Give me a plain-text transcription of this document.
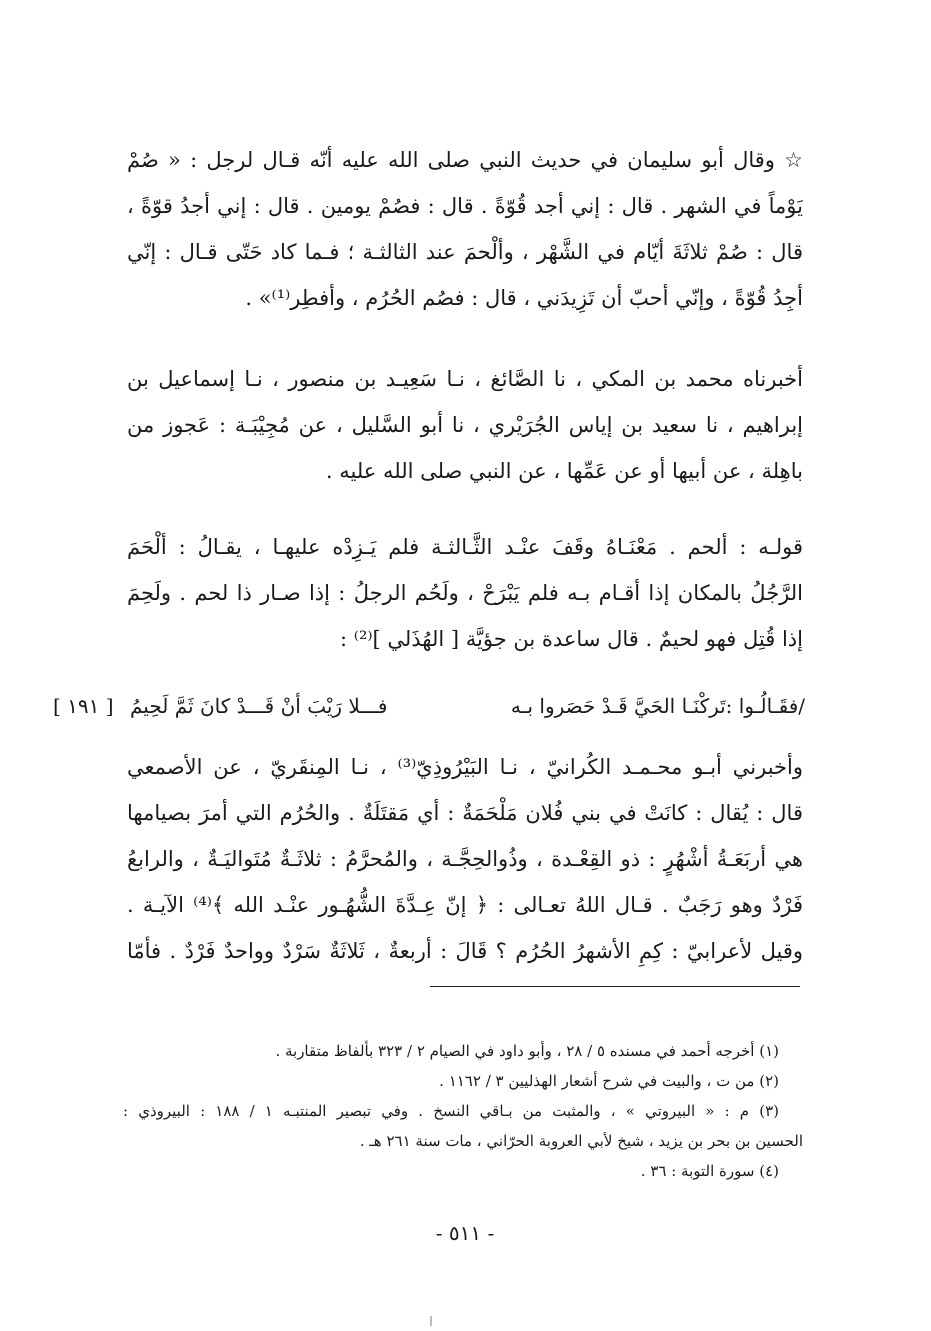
☆ وقال أبو سليمان في حديث النبي صلى الله عليه أنّه قـال لرجل : « صُمْ
يَوْماً في الشهر . قال : إني أجد قُوّةً . قال : فصُمْ يومين . قال : إني أجدُ قوّةً ،
قال : صُمْ ثلاثَةَ أيّام في الشَّهْر ، وألْحمَ عند الثالثـة ؛ فـما كاد حَتّى قـال : إنّي
أجِدُ قُوّةً ، وإنّي أحبّ أن تَزِيدَني ، قال : فصُم الحُرُم ، وأفطِر⁽¹⁾» .
أخبرناه محمد بن المكي ، نا الصَّائغ ، نـا سَعِيـد بن منصور ، نـا إسماعيل بن
إبراهيم ، نا سعيد بن إياس الجُرَيْري ، نا أبو السَّليل ، عن مُجِيْبَـة : عَجوز من
باهِلة ، عن أبيها أو عن عَمِّها ، عن النبي صلى الله عليه .
قولـه : ألحم . مَعْنَـاهُ وقَفَ عنْـد الثَّـالثـة فلم يَـزِدْه عليهـا ، يقـالُ : ألْحَمَ
الرَّجُلُ بالمكان إذا أقـام بـه فلم يَبْرَحْ ، ولَحُم الرجلُ : إذا صـار ذا لحم . ولَحِمَ
إذا قُتِل فهو لحيمٌ . قال ساعدة بن جؤيَّة [ الهُذَلي ]⁽²⁾ :
/فقَـالُـوا :تَركْنَـا الحَيَّ قَـدْ حَصَروا بـه
فـــلا رَيْبَ أنْ قَـــدْ كانَ ثَمَّ لَحِيمُ
[ ١٩١ ]
وأخبرني أبـو محـمـد الكُرانيّ ، نـا البَيْرُوذِيّ⁽³⁾ ، نـا المِنقَريّ ، عن الأصمعي
قال : يُقال : كانَتْ في بني فُلان مَلْحَمَةٌ : أي مَقتَلَةٌ . والحُرُم التي أمرَ بصيامها
هي أربَعَـةُ أشْهُرٍ : ذو القِعْـدة ، وذُوالحِجَّـة ، والمُحرَّمُ : ثلاثَـةٌ مُتَواليَـةٌ ، والرابعُ
فَرْدٌ وهو رَجَبٌ . قـال اللهُ تعـالى : ﴿ إنّ عِـدَّةَ الشُّهُـور عنْـد الله ﴾⁽⁴⁾ الآيـة .
وقيل لأعرابيّ : كِمِ الأشهرُ الحُرُم ؟ قَالَ : أربعةٌ ، ثَلاثَةٌ سَرْدٌ وواحدٌ فَرْدٌ . فأمّا
(١) أخرجه أحمد في مسنده ٥ / ٢٨ ، وأبو داود في الصيام ٢ / ٣٢٣ بألفاظ متقاربة .
(٢) من ت ، والبيت في شرح أشعار الهذليين ٣ / ١١٦٢ .
(٣) م : « البيروتي » ، والمثبت من بـاقي النسخ . وفي تبصير المنتبـه ١ / ١٨٨ : البيروذي :
الحسين بن بحر بن يزيد ، شيخ لأبي العروبة الحرّاني ، مات سنة ٢٦١ هـ .
(٤) سورة التوبة : ٣٦ .
- ٥١١ -
